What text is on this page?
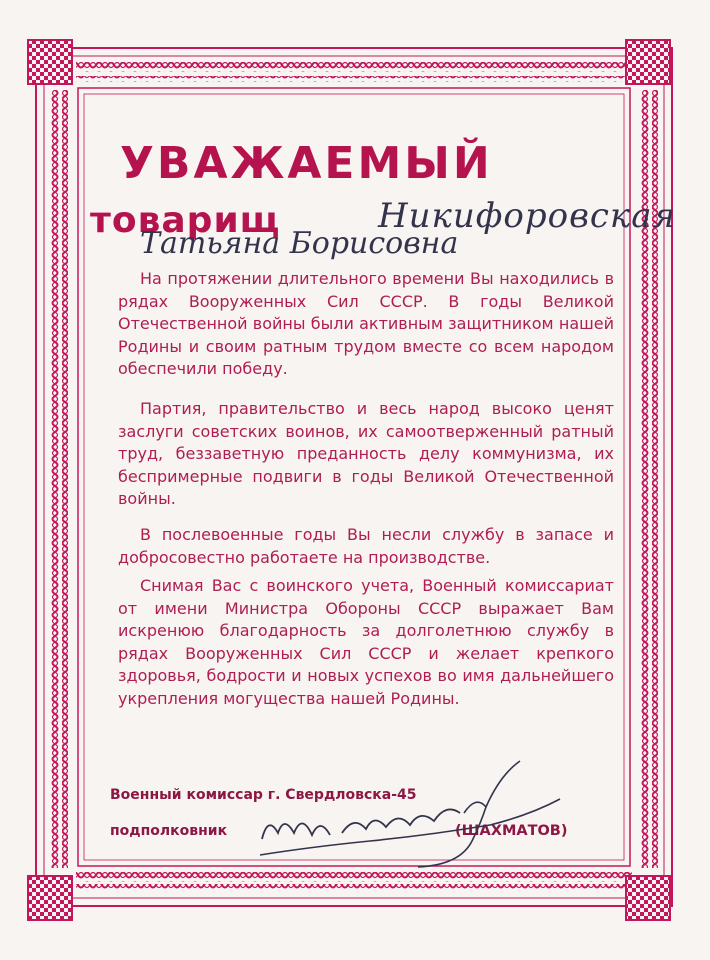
УВАЖАЕМЫЙ
товарищ	Никифоровская
Татьяна Борисовна
На протяжении длительного времени Вы находились в рядах Вооруженных Сил СССР. В годы Великой Отечественной войны были активным защитником нашей Родины и своим ратным трудом вместе со всем народом обеспечили победу.
Партия, правительство и весь народ высоко ценят заслуги советских воинов, их самоотверженный ратный труд, беззаветную преданность делу коммунизма, их беспримерные подвиги в годы Великой Отечественной войны.
В послевоенные годы Вы несли службу в запасе и добросовестно работаете на производстве.
Снимая Вас с воинского учета, Военный комиссариат от имени Министра Обороны СССР выражает Вам искренюю благодарность за долголетнюю службу в рядах Вооруженных Сил СССР и желает крепкого здоровья, бодрости и новых успехов во имя дальнейшего укрепления могущества нашей Родины.
Военный комиссар г. Свердловска-45
подполковник	(ШАХМАТОВ)
